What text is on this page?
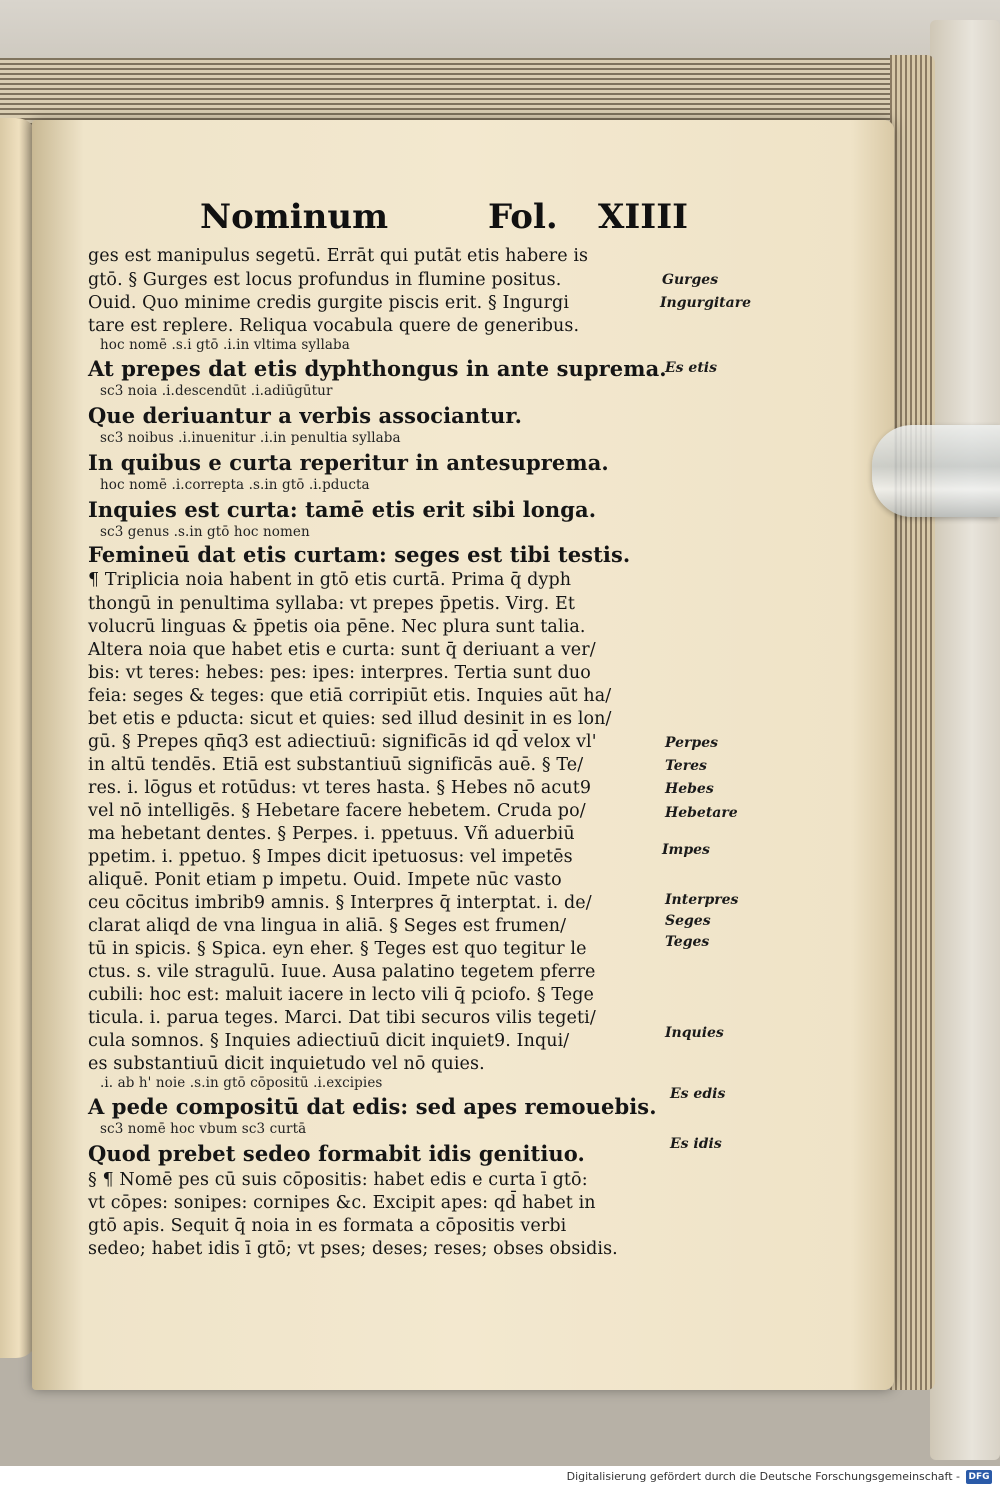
Nominum	Fol. XIIII
ges est manipulus segetū. Errāt qui putāt etis habere is
gtō. § Gurges est locus profundus in flumine positus.
Ouid. Quo minime credis gurgite piscis erit. § Ingurgi
tare est replere. Reliqua vocabula quere de generibus.
hoc nomē .s.i gtō .i.in vltima syllaba
At prepes dat etis dyphthongus in ante suprema.
sc3 noia .i.descendūt .i.adiūgūtur
Que deriuantur a verbis associantur.
sc3 noibus .i.inuenitur .i.in penultia syllaba
In quibus e curta reperitur in antesuprema.
hoc nomē .i.correpta .s.in gtō .i.pducta
Inquies est curta: tamē etis erit sibi longa.
sc3 genus .s.in gtō hoc nomen
Femineū dat etis curtam: seges est tibi testis.
¶ Triplicia noia habent in gtō etis curtā. Prima q̄ dyph
thongū in penultima syllaba: vt prepes p̄petis. Virg. Et
volucrū linguas & p̄petis oia pēne. Nec plura sunt talia.
Altera noia que habet etis e curta: sunt q̄ deriuant a ver/
bis: vt teres: hebes: pes: ipes: interpres. Tertia sunt duo
feia: seges & teges: que etiā corripiūt etis. Inquies aūt ha/
bet etis e pducta: sicut et quies: sed illud desinit in es lon/
gū. § Prepes qn̄q3 est adiectiuū: significās id qd̄ velox vl'
in altū tendēs. Etiā est substantiuū significās auē. § Te/
res. i. lōgus et rotūdus: vt teres hasta. § Hebes nō acut9
vel nō intelligēs. § Hebetare facere hebetem. Cruda po/
ma hebetant dentes. § Perpes. i. ppetuus. Vñ aduerbiū
ppetim. i. ppetuo. § Impes dicit ipetuosus: vel impetēs
aliquē. Ponit etiam p impetu. Ouid. Impete nūc vasto
ceu cōcitus imbrib9 amnis. § Interpres q̄ interptat. i. de/
clarat aliqd de vna lingua in aliā. § Seges est frumen/
tū in spicis. § Spica. eyn eher. § Teges est quo tegitur le
ctus. s. vile stragulū. Iuue. Ausa palatino tegetem pferre
cubili: hoc est: maluit iacere in lecto vili q̄ pciofo. § Tege
ticula. i. parua teges. Marci. Dat tibi securos vilis tegeti/
cula somnos. § Inquies adiectiuū dicit inquiet9. Inqui/
es substantiuū dicit inquietudo vel nō quies.
.i. ab h' noie .s.in gtō cōpositū .i.excipies
A pede compositū dat edis: sed apes remouebis.
sc3 nomē hoc vbum sc3 curtā
Quod prebet sedeo formabit idis genitiuo.
§ ¶ Nomē pes cū suis cōpositis: habet edis e curta ī gtō:
vt cōpes: sonipes: cornipes &c. Excipit apes: qd̄ habet in
gtō apis. Sequit q̄ noia in es formata a cōpositis verbi
sedeo; habet idis ī gtō; vt pses; deses; reses; obses obsidis.
Gurges
Ingurgitare
Es etis
Perpes
Teres
Hebes
Hebetare
Impes
Interpres
Seges
Teges
Inquies
Es edis
Es idis
Digitalisierung gefördert durch die Deutsche Forschungsgemeinschaft - DFG
